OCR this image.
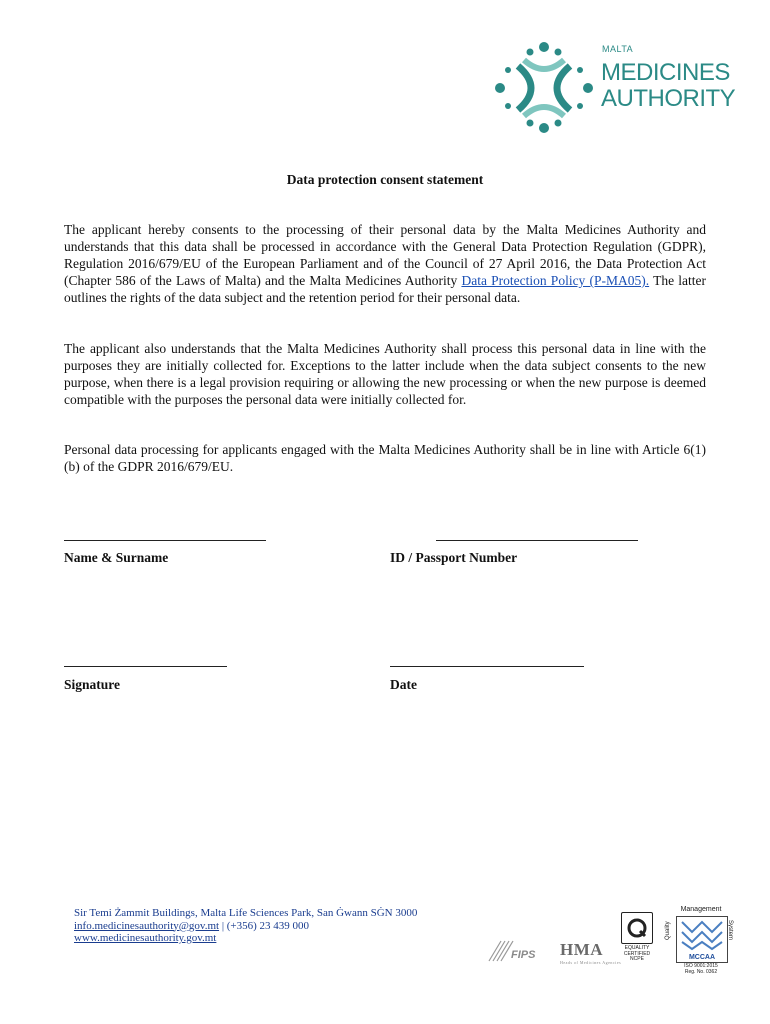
MALTA
MEDICINES
AUTHORITY
Data protection consent statement

The applicant hereby consents to the processing of their personal data by the Malta Medicines Authority and understands that this data shall be processed in accordance with the General Data Protection Regulation (GDPR), Regulation 2016/679/EU of the European Parliament and of the Council of 27 April 2016, the Data Protection Act (Chapter 586 of the Laws of Malta) and the Malta Medicines Authority Data Protection Policy (P-MA05). The latter outlines the rights of the data subject and the retention period for their personal data.

The applicant also understands that the Malta Medicines Authority shall process this personal data in line with the purposes they are initially collected for. Exceptions to the latter include when the data subject consents to the new purpose, when there is a legal provision requiring or allowing the new processing or when the new purpose is deemed compatible with the purposes the personal data were initially collected for.

Personal data processing for applicants engaged with the Malta Medicines Authority shall be in line with Article 6(1)(b) of the GDPR 2016/679/EU.

Name & Surname	ID / Passport Number
Signature	Date
Sir Temi Żammit Buildings, Malta Life Sciences Park, San Ġwann SĠN 3000
info.medicinesauthority@gov.mt | (+356) 23 439 000
www.medicinesauthority.gov.mt
FIPS HMA
Heads of Medicines Agencies
EQUALITY CERTIFIED NCPE
Management
Quality	System
MCCAA
ISO 9001:2015
Reg. No. 0362
